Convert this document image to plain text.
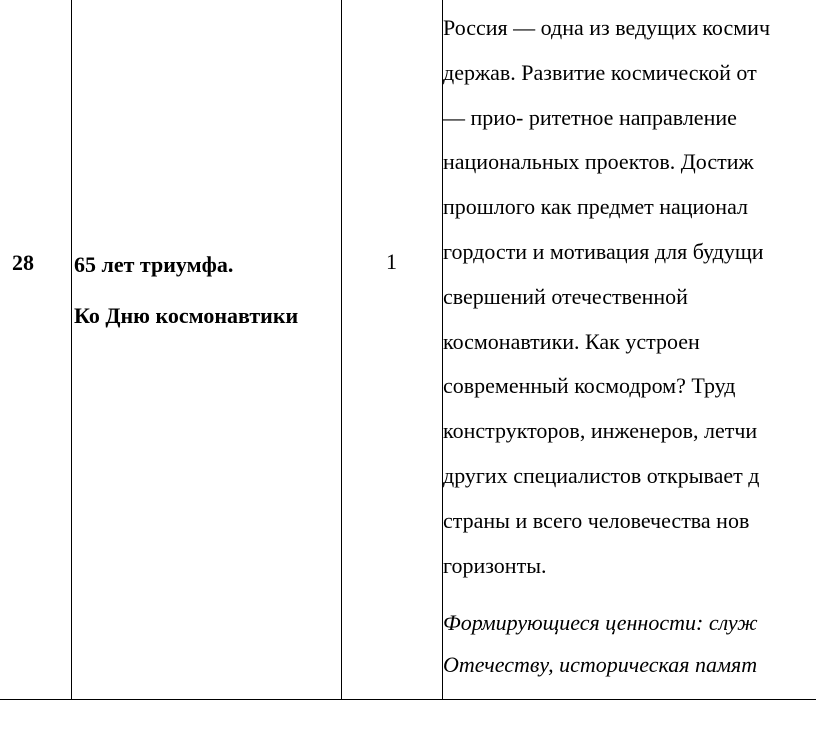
28 65 лет триумфа.
Ко Дню космонавтики
1
Россия — одна из ведущих космич
держав. Развитие космической от
— прио- ритетное направление
национальных проектов. Достиж
прошлого как предмет национал
гордости и мотивация для будущи
свершений отечественной
космонавтики. Как устроен
современный космодром? Труд
конструкторов, инженеров, летчи
других специалистов открывает д
страны и всего человечества нов
горизонты.
Формирующиеся ценности: служ
Отечеству, историческая памят
